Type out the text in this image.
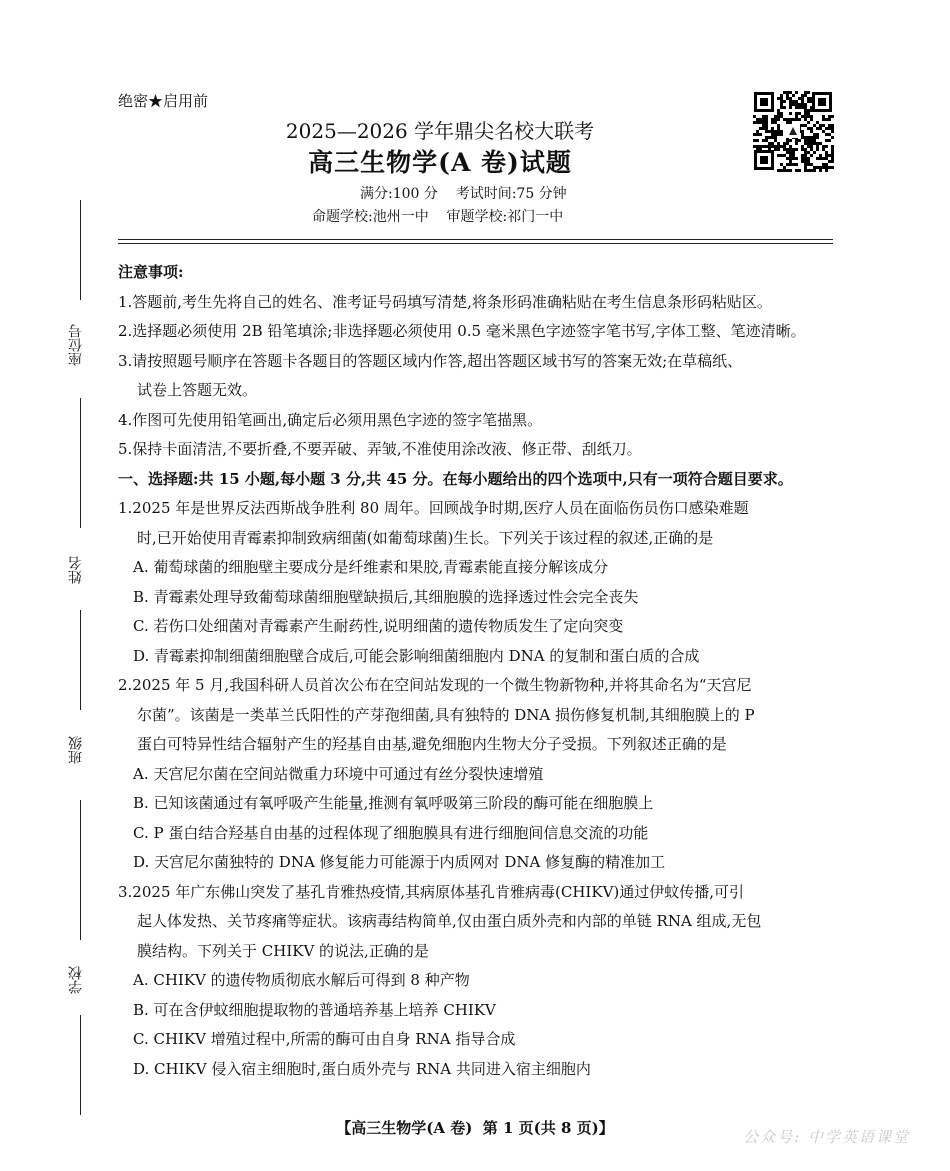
绝密★启用前
2025—2026 学年鼎尖名校大联考
高三生物学(A 卷)试题
满分:100 分    考试时间:75 分钟
命题学校:池州一中    审题学校:祁门一中
座位号
姓名
班级
学校
注意事项:
1.答题前,考生先将自己的姓名、准考证号码填写清楚,将条形码准确粘贴在考生信息条形码粘贴区。
2.选择题必须使用 2B 铅笔填涂;非选择题必须使用 0.5 毫米黑色字迹签字笔书写,字体工整、笔迹清晰。
3.请按照题号顺序在答题卡各题目的答题区域内作答,超出答题区域书写的答案无效;在草稿纸、
试卷上答题无效。
4.作图可先使用铅笔画出,确定后必须用黑色字迹的签字笔描黑。
5.保持卡面清洁,不要折叠,不要弄破、弄皱,不准使用涂改液、修正带、刮纸刀。
一、选择题:共 15 小题,每小题 3 分,共 45 分。在每小题给出的四个选项中,只有一项符合题目要求。
1.2025 年是世界反法西斯战争胜利 80 周年。回顾战争时期,医疗人员在面临伤员伤口感染难题
时,已开始使用青霉素抑制致病细菌(如葡萄球菌)生长。下列关于该过程的叙述,正确的是
A. 葡萄球菌的细胞壁主要成分是纤维素和果胶,青霉素能直接分解该成分
B. 青霉素处理导致葡萄球菌细胞壁缺损后,其细胞膜的选择透过性会完全丧失
C. 若伤口处细菌对青霉素产生耐药性,说明细菌的遗传物质发生了定向突变
D. 青霉素抑制细菌细胞壁合成后,可能会影响细菌细胞内 DNA 的复制和蛋白质的合成
2.2025 年 5 月,我国科研人员首次公布在空间站发现的一个微生物新物种,并将其命名为“天宫尼
尔菌”。该菌是一类革兰氏阳性的产芽孢细菌,具有独特的 DNA 损伤修复机制,其细胞膜上的 P
蛋白可特异性结合辐射产生的羟基自由基,避免细胞内生物大分子受损。下列叙述正确的是
A. 天宫尼尔菌在空间站微重力环境中可通过有丝分裂快速增殖
B. 已知该菌通过有氧呼吸产生能量,推测有氧呼吸第三阶段的酶可能在细胞膜上
C. P 蛋白结合羟基自由基的过程体现了细胞膜具有进行细胞间信息交流的功能
D. 天宫尼尔菌独特的 DNA 修复能力可能源于内质网对 DNA 修复酶的精准加工
3.2025 年广东佛山突发了基孔肯雅热疫情,其病原体基孔肯雅病毒(CHIKV)通过伊蚊传播,可引
起人体发热、关节疼痛等症状。该病毒结构简单,仅由蛋白质外壳和内部的单链 RNA 组成,无包
膜结构。下列关于 CHIKV 的说法,正确的是
A. CHIKV 的遗传物质彻底水解后可得到 8 种产物
B. 可在含伊蚊细胞提取物的普通培养基上培养 CHIKV
C. CHIKV 增殖过程中,所需的酶可由自身 RNA 指导合成
D. CHIKV 侵入宿主细胞时,蛋白质外壳与 RNA 共同进入宿主细胞内
【高三生物学(A 卷)  第 1 页(共 8 页)】	公众号: 中学英语课堂
